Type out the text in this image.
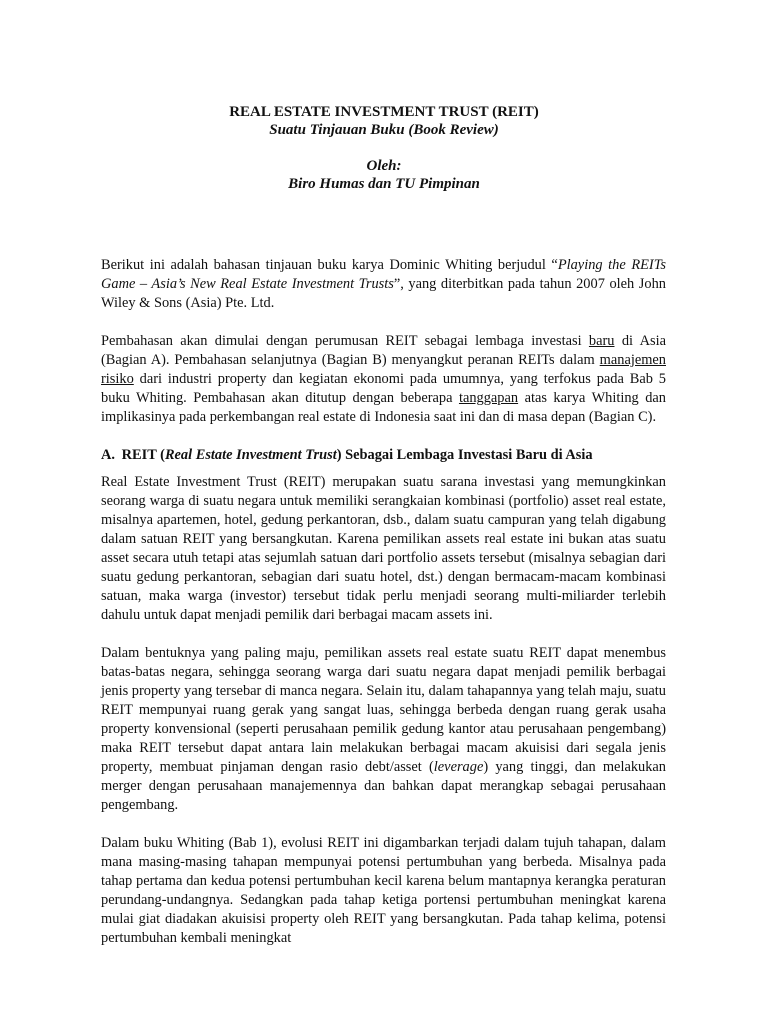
REAL ESTATE INVESTMENT TRUST (REIT)
Suatu Tinjauan Buku (Book Review)
Oleh:
Biro Humas dan TU Pimpinan

Berikut ini adalah bahasan tinjauan buku karya Dominic Whiting berjudul “Playing the REITs Game – Asia’s New Real Estate Investment Trusts”, yang diterbitkan pada tahun 2007 oleh John Wiley & Sons (Asia) Pte. Ltd.

Pembahasan akan dimulai dengan perumusan REIT sebagai lembaga investasi baru di Asia (Bagian A). Pembahasan selanjutnya (Bagian B) menyangkut peranan REITs dalam manajemen risiko dari industri property dan kegiatan ekonomi pada umumnya, yang terfokus pada Bab 5 buku Whiting. Pembahasan akan ditutup dengan beberapa tanggapan atas karya Whiting dan implikasinya pada perkembangan real estate di Indonesia saat ini dan di masa depan (Bagian C).

A. REIT (Real Estate Investment Trust) Sebagai Lembaga Investasi Baru di Asia

Real Estate Investment Trust (REIT) merupakan suatu sarana investasi yang memungkinkan seorang warga di suatu negara untuk memiliki serangkaian kombinasi (portfolio) asset real estate, misalnya apartemen, hotel, gedung perkantoran, dsb., dalam suatu campuran yang telah digabung dalam satuan REIT yang bersangkutan. Karena pemilikan assets real estate ini bukan atas suatu asset secara utuh tetapi atas sejumlah satuan dari portfolio assets tersebut (misalnya sebagian dari suatu gedung perkantoran, sebagian dari suatu hotel, dst.) dengan bermacam-macam kombinasi satuan, maka warga (investor) tersebut tidak perlu menjadi seorang multi-miliarder terlebih dahulu untuk dapat menjadi pemilik dari berbagai macam assets ini.

Dalam bentuknya yang paling maju, pemilikan assets real estate suatu REIT dapat menembus batas-batas negara, sehingga seorang warga dari suatu negara dapat menjadi pemilik berbagai jenis property yang tersebar di manca negara. Selain itu, dalam tahapannya yang telah maju, suatu REIT mempunyai ruang gerak yang sangat luas, sehingga berbeda dengan ruang gerak usaha property konvensional (seperti perusahaan pemilik gedung kantor atau perusahaan pengembang) maka REIT tersebut dapat antara lain melakukan berbagai macam akuisisi dari segala jenis property, membuat pinjaman dengan rasio debt/asset (leverage) yang tinggi, dan melakukan merger dengan perusahaan manajemennya dan bahkan dapat merangkap sebagai perusahaan pengembang.

Dalam buku Whiting (Bab 1), evolusi REIT ini digambarkan terjadi dalam tujuh tahapan, dalam mana masing-masing tahapan mempunyai potensi pertumbuhan yang berbeda. Misalnya pada tahap pertama dan kedua potensi pertumbuhan kecil karena belum mantapnya kerangka peraturan perundang-undangnya. Sedangkan pada tahap ketiga portensi pertumbuhan meningkat karena mulai giat diadakan akuisisi property oleh REIT yang bersangkutan. Pada tahap kelima, potensi pertumbuhan kembali meningkat
